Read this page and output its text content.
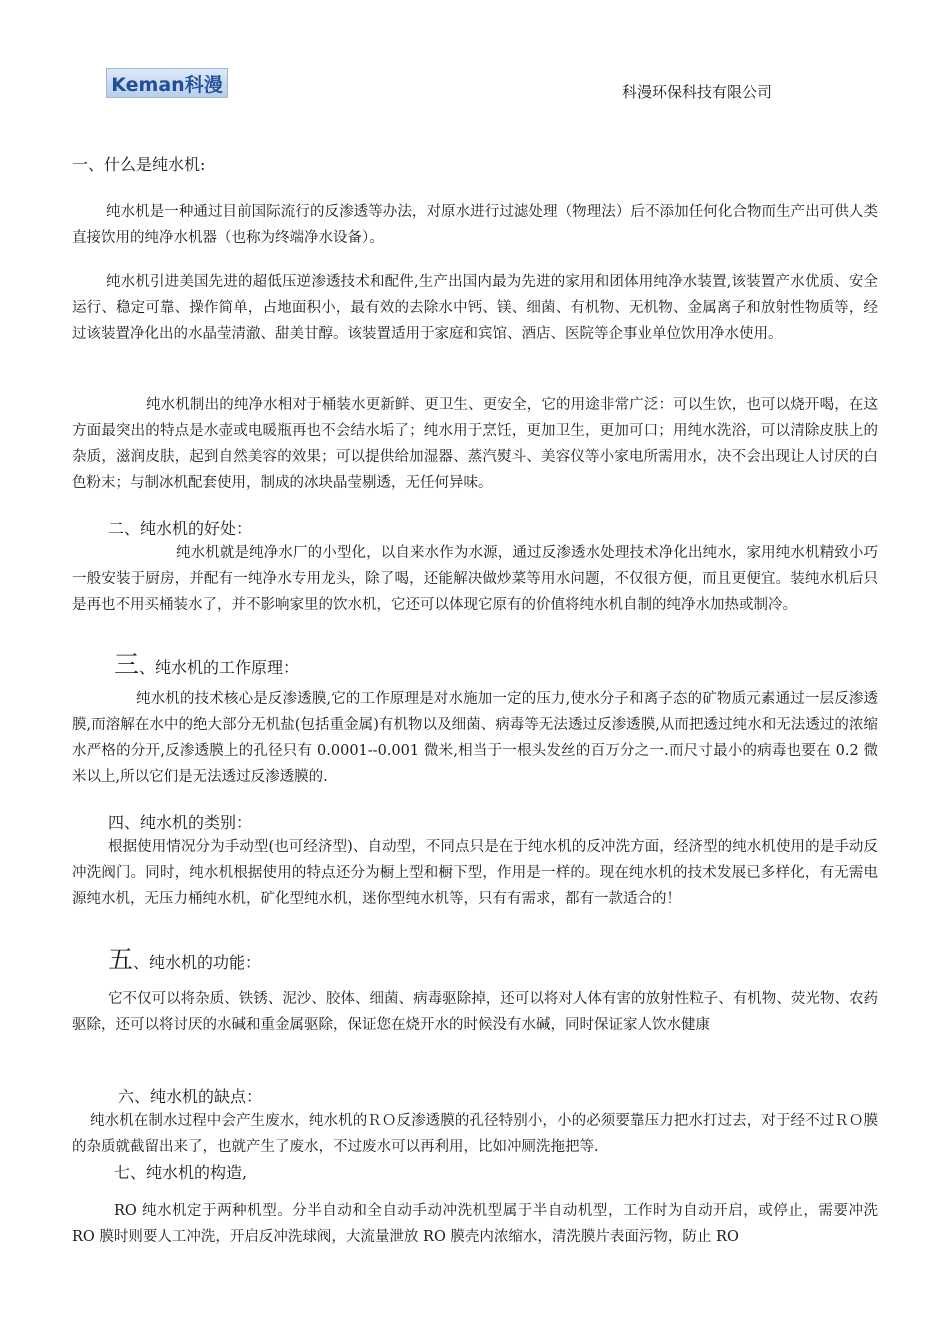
Keman科漫	科漫环保科技有限公司
一、什么是纯水机:

纯水机是一种通过目前国际流行的反渗透等办法，对原水进行过滤处理（物理法）后不添加任何化合物而生产出可供人类直接饮用的纯净水机器（也称为终端净水设备）。

纯水机引进美国先进的超低压逆渗透技术和配件,生产出国内最为先进的家用和团体用纯净水装置,该装置产水优质、安全运行、稳定可靠、操作简单，占地面积小，最有效的去除水中钙、镁、细菌、有机物、无机物、金属离子和放射性物质等，经过该装置净化出的水晶莹清澈、甜美甘醇。该装置适用于家庭和宾馆、酒店、医院等企事业单位饮用净水使用。

纯水机制出的纯净水相对于桶装水更新鲜、更卫生、更安全，它的用途非常广泛：可以生饮，也可以烧开喝，在这方面最突出的特点是水壶或电暖瓶再也不会结水垢了；纯水用于烹饪，更加卫生，更加可口；用纯水洗浴，可以清除皮肤上的杂质，滋润皮肤，起到自然美容的效果；可以提供给加湿器、蒸汽熨斗、美容仪等小家电所需用水，决不会出现让人讨厌的白色粉末；与制冰机配套使用，制成的冰块晶莹剔透，无任何异味。

二、纯水机的好处：

纯水机就是纯净水厂的小型化，以自来水作为水源，通过反渗透水处理技术净化出纯水，家用纯水机精致小巧一般安装于厨房，并配有一纯净水专用龙头，除了喝，还能解决做炒菜等用水问题，不仅很方便，而且更便宜。装纯水机后只是再也不用买桶装水了，并不影响家里的饮水机，它还可以体现它原有的价值将纯水机自制的纯净水加热或制冷。

三、纯水机的工作原理：

纯水机的技术核心是反渗透膜,它的工作原理是对水施加一定的压力,使水分子和离子态的矿物质元素通过一层反渗透膜,而溶解在水中的绝大部分无机盐(包括重金属)有机物以及细菌、病毒等无法透过反渗透膜,从而把透过纯水和无法透过的浓缩水严格的分开,反渗透膜上的孔径只有 0.0001--0.001 微米,相当于一根头发丝的百万分之一.而尺寸最小的病毒也要在 0.2 微米以上,所以它们是无法透过反渗透膜的.

四、纯水机的类别：

根据使用情况分为手动型(也可经济型)、自动型，不同点只是在于纯水机的反冲洗方面，经济型的纯水机使用的是手动反冲洗阀门。同时，纯水机根据使用的特点还分为橱上型和橱下型，作用是一样的。现在纯水机的技术发展已多样化，有无需电源纯水机，无压力桶纯水机，矿化型纯水机，迷你型纯水机等，只有有需求，都有一款适合的！

五、纯水机的功能：

它不仅可以将杂质、铁锈、泥沙、胶体、细菌、病毒驱除掉，还可以将对人体有害的放射性粒子、有机物、荧光物、农药驱除，还可以将讨厌的水碱和重金属驱除，保证您在烧开水的时候没有水碱，同时保证家人饮水健康

六、纯水机的缺点：

纯水机在制水过程中会产生废水，纯水机的ＲＯ反渗透膜的孔径特别小，小的必须要靠压力把水打过去，对于经不过ＲＯ膜的杂质就截留出来了，也就产生了废水，不过废水可以再利用，比如冲厕洗拖把等.

七、纯水机的构造,

RO 纯水机定于两种机型。分半自动和全自动手动冲洗机型属于半自动机型，工作时为自动开启，或停止，需要冲洗 RO 膜时则要人工冲洗，开启反冲洗球阀，大流量泄放 RO 膜壳内浓缩水，清洗膜片表面污物，防止 RO
